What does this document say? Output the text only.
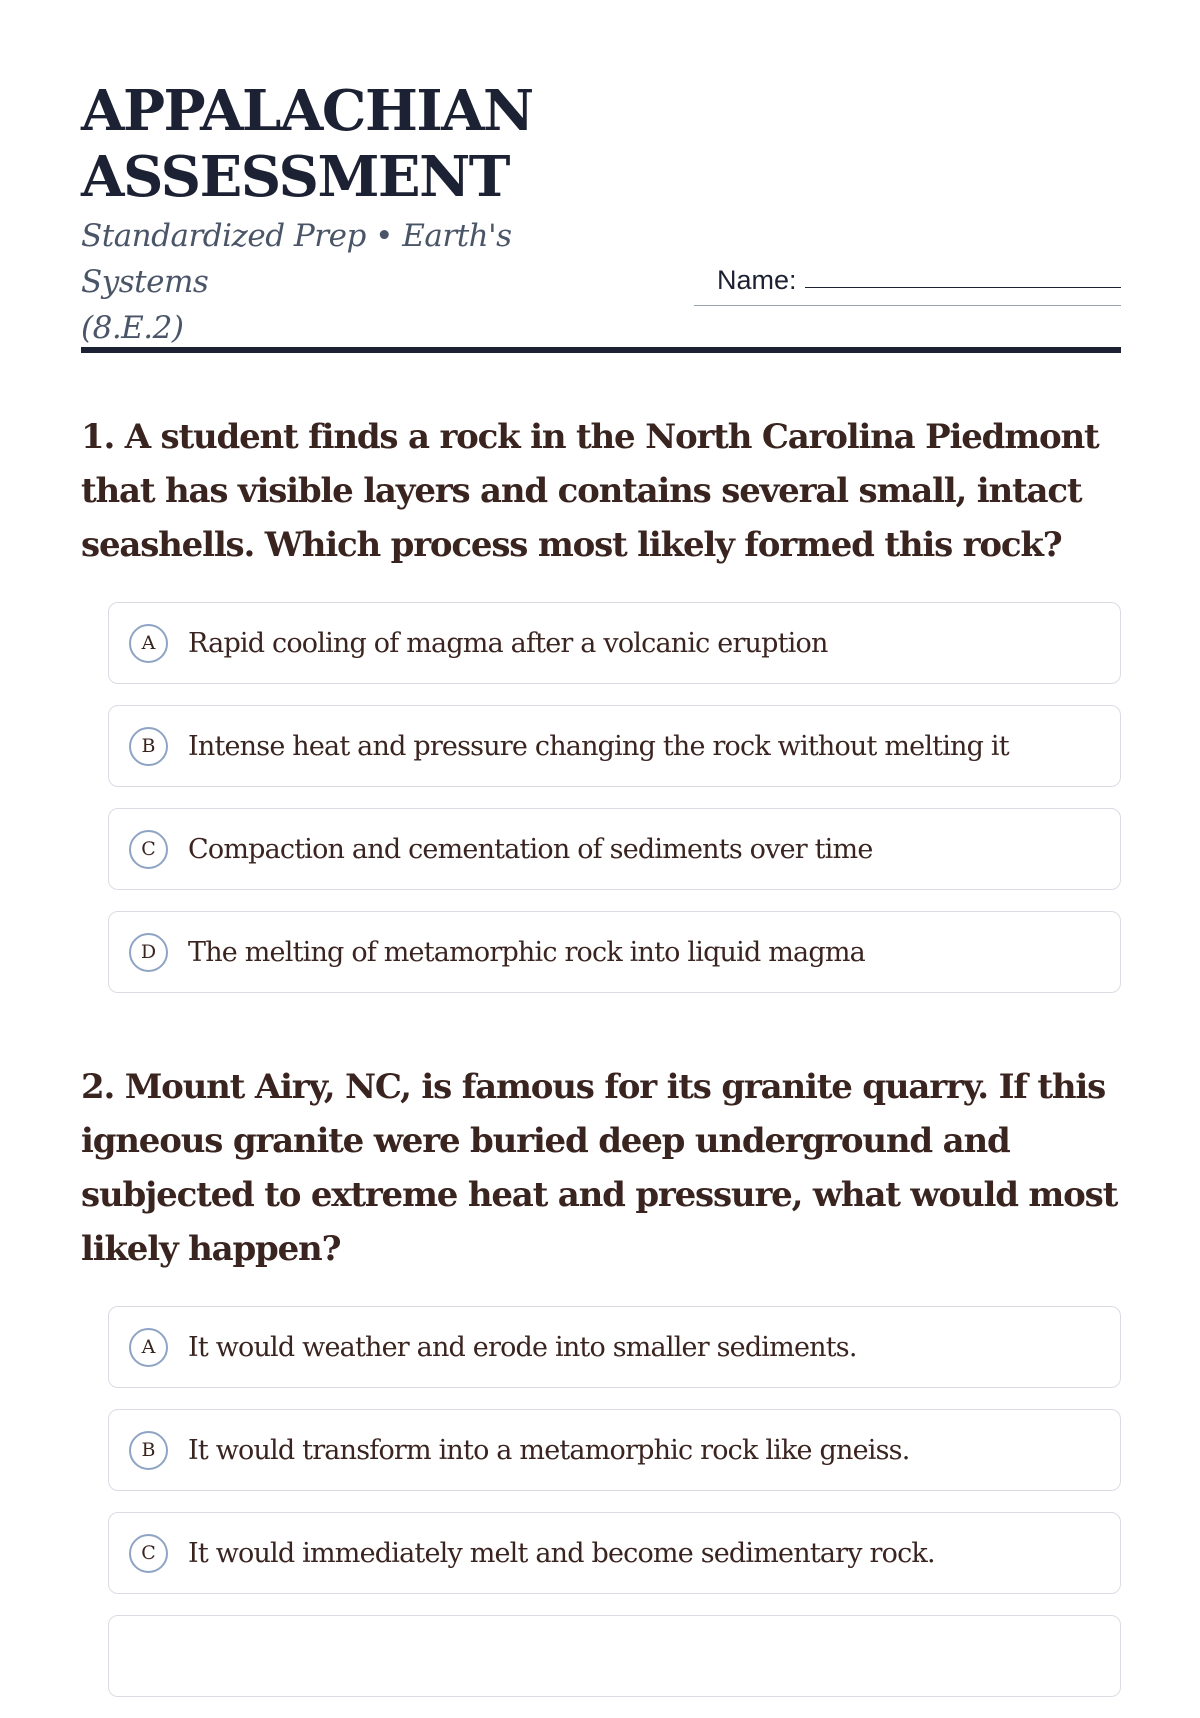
APPALACHIAN
ASSESSMENT
Standardized Prep • Earth's Systems
(8.E.2)
Name:

1. A student finds a rock in the North Carolina Piedmont that has visible layers and contains several small, intact seashells. Which process most likely formed this rock?

A	Rapid cooling of magma after a volcanic eruption
B	Intense heat and pressure changing the rock without melting it
C	Compaction and cementation of sediments over time
D	The melting of metamorphic rock into liquid magma

2. Mount Airy, NC, is famous for its granite quarry. If this igneous granite were buried deep underground and subjected to extreme heat and pressure, what would most likely happen?

A	It would weather and erode into smaller sediments.
B	It would transform into a metamorphic rock like gneiss.
C	It would immediately melt and become sedimentary rock.
